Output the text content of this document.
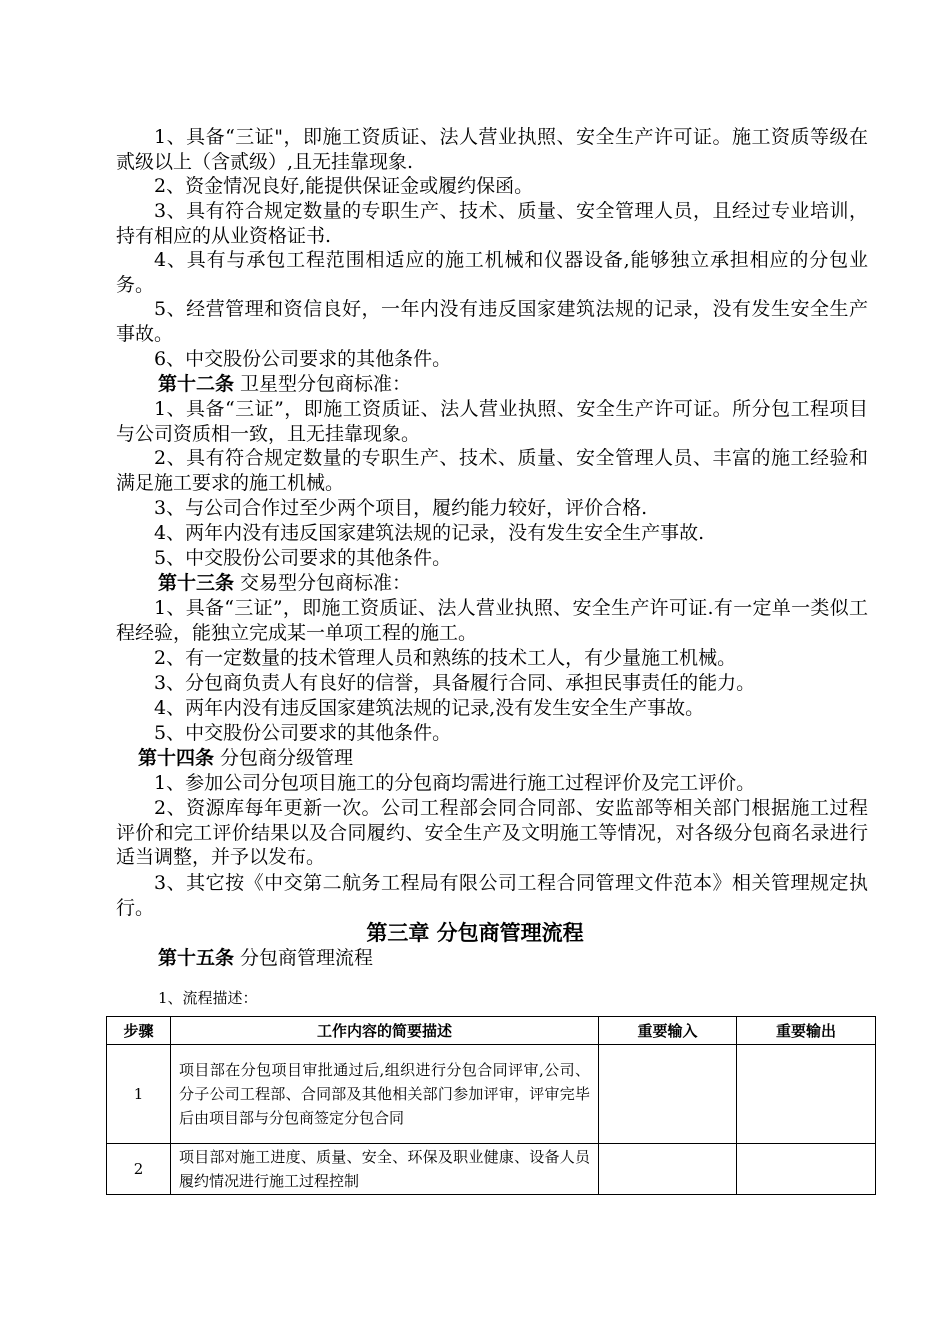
1、具备“三证"，即施工资质证、法人营业执照、安全生产许可证。施工资质等级在贰级以上（含贰级）,且无挂靠现象.

2、资金情况良好,能提供保证金或履约保函。

3、具有符合规定数量的专职生产、技术、质量、安全管理人员，且经过专业培训，持有相应的从业资格证书.

4、具有与承包工程范围相适应的施工机械和仪器设备,能够独立承担相应的分包业务。

5、经营管理和资信良好，一年内没有违反国家建筑法规的记录，没有发生安全生产事故。

6、中交股份公司要求的其他条件。

第十二条 卫星型分包商标准：

1、具备“三证”，即施工资质证、法人营业执照、安全生产许可证。所分包工程项目与公司资质相一致，且无挂靠现象。

2、具有符合规定数量的专职生产、技术、质量、安全管理人员、丰富的施工经验和满足施工要求的施工机械。

3、与公司合作过至少两个项目，履约能力较好，评价合格.

4、两年内没有违反国家建筑法规的记录，没有发生安全生产事故.

5、中交股份公司要求的其他条件。

第十三条 交易型分包商标准：

1、具备“三证”，即施工资质证、法人营业执照、安全生产许可证.有一定单一类似工程经验，能独立完成某一单项工程的施工。

2、有一定数量的技术管理人员和熟练的技术工人，有少量施工机械。

3、分包商负责人有良好的信誉，具备履行合同、承担民事责任的能力。

4、两年内没有违反国家建筑法规的记录,没有发生安全生产事故。

5、中交股份公司要求的其他条件。

第十四条 分包商分级管理

1、参加公司分包项目施工的分包商均需进行施工过程评价及完工评价。

2、资源库每年更新一次。公司工程部会同合同部、安监部等相关部门根据施工过程评价和完工评价结果以及合同履约、安全生产及文明施工等情况，对各级分包商名录进行适当调整，并予以发布。

3、其它按《中交第二航务工程局有限公司工程合同管理文件范本》相关管理规定执行。

第三章 分包商管理流程

第十五条 分包商管理流程

1、流程描述：
步骤	工作内容的简要描述	重要输入	重要输出
1	项目部在分包项目审批通过后,组织进行分包合同评审,公司、分子公司工程部、合同部及其他相关部门参加评审，评审完毕后由项目部与分包商签定分包合同		
2	项目部对施工进度、质量、安全、环保及职业健康、设备人员履约情况进行施工过程控制		
